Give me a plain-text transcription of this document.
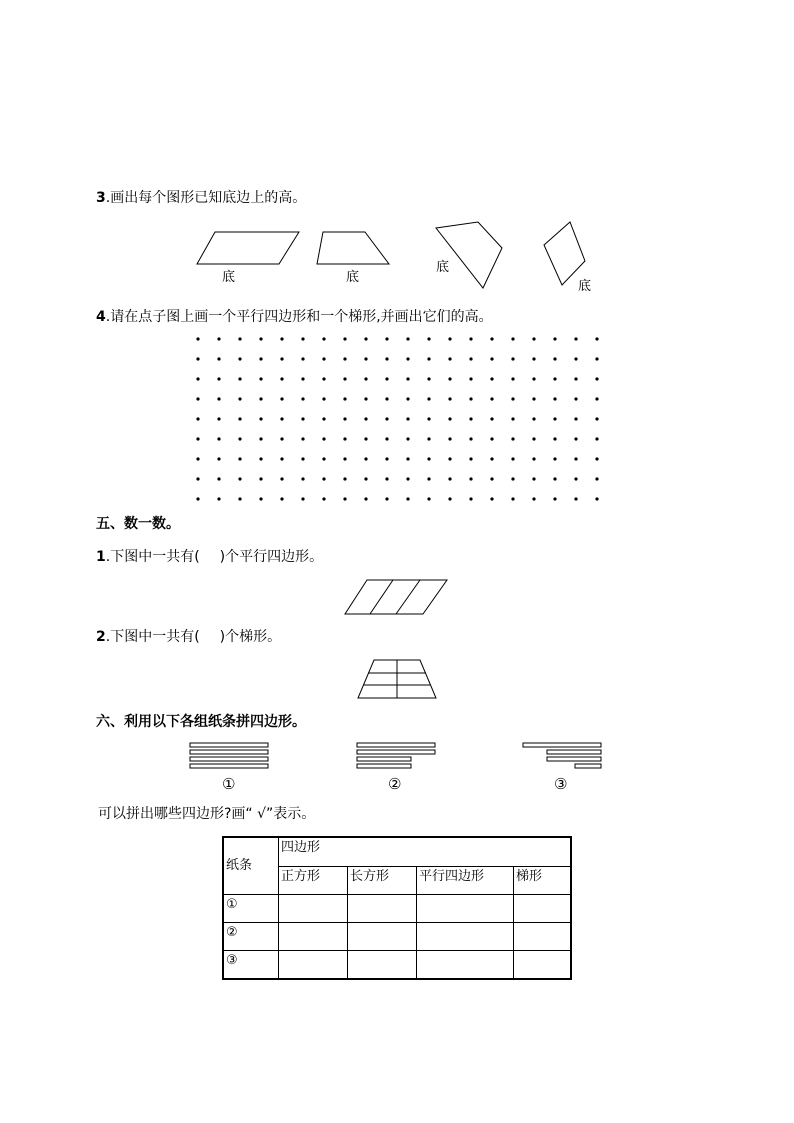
3.画出每个图形已知底边上的高。
底	底
底
底
4.请在点子图上画一个平行四边形和一个梯形,并画出它们的高。
五、数一数。
1.下图中一共有( )个平行四边形。
2.下图中一共有( )个梯形。
六、利用以下各组纸条拼四边形。
①	②	③
可以拼出哪些四边形?画“ √”表示。
纸条	四边形			
	正方形	长方形	平行四边形	梯形
①				
②				
③				
